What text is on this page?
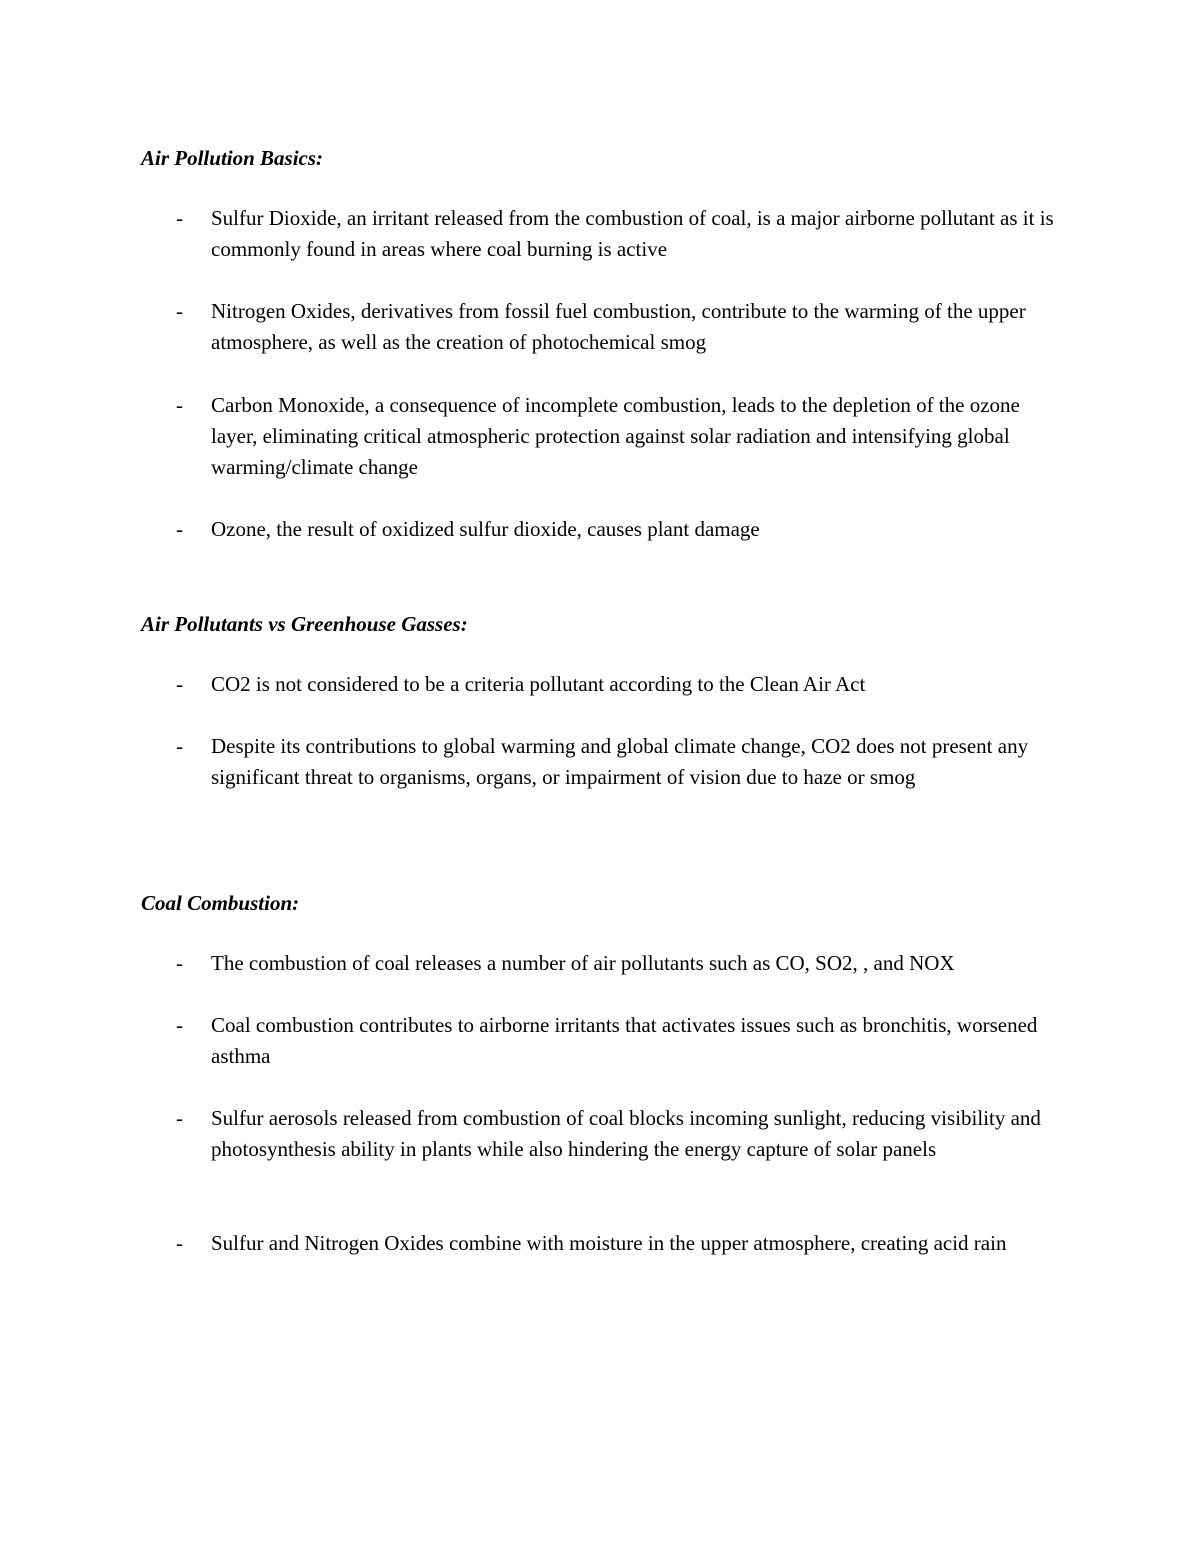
Air Pollution Basics:
- Sulfur Dioxide, an irritant released from the combustion of coal, is a major airborne pollutant as it is commonly found in areas where coal burning is active
- Nitrogen Oxides, derivatives from fossil fuel combustion, contribute to the warming of the upper atmosphere, as well as the creation of photochemical smog
- Carbon Monoxide, a consequence of incomplete combustion, leads to the depletion of the ozone layer, eliminating critical atmospheric protection against solar radiation and intensifying global warming/climate change
- Ozone, the result of oxidized sulfur dioxide, causes plant damage
Air Pollutants vs Greenhouse Gasses:
- CO2 is not considered to be a criteria pollutant according to the Clean Air Act
- Despite its contributions to global warming and global climate change, CO2 does not present any significant threat to organisms, organs, or impairment of vision due to haze or smog
Coal Combustion:
- The combustion of coal releases a number of air pollutants such as CO, SO2, , and NOX
- Coal combustion contributes to airborne irritants that activates issues such as bronchitis, worsened asthma
- Sulfur aerosols released from combustion of coal blocks incoming sunlight, reducing visibility and photosynthesis ability in plants while also hindering the energy capture of solar panels
- Sulfur and Nitrogen Oxides combine with moisture in the upper atmosphere, creating acid rain
